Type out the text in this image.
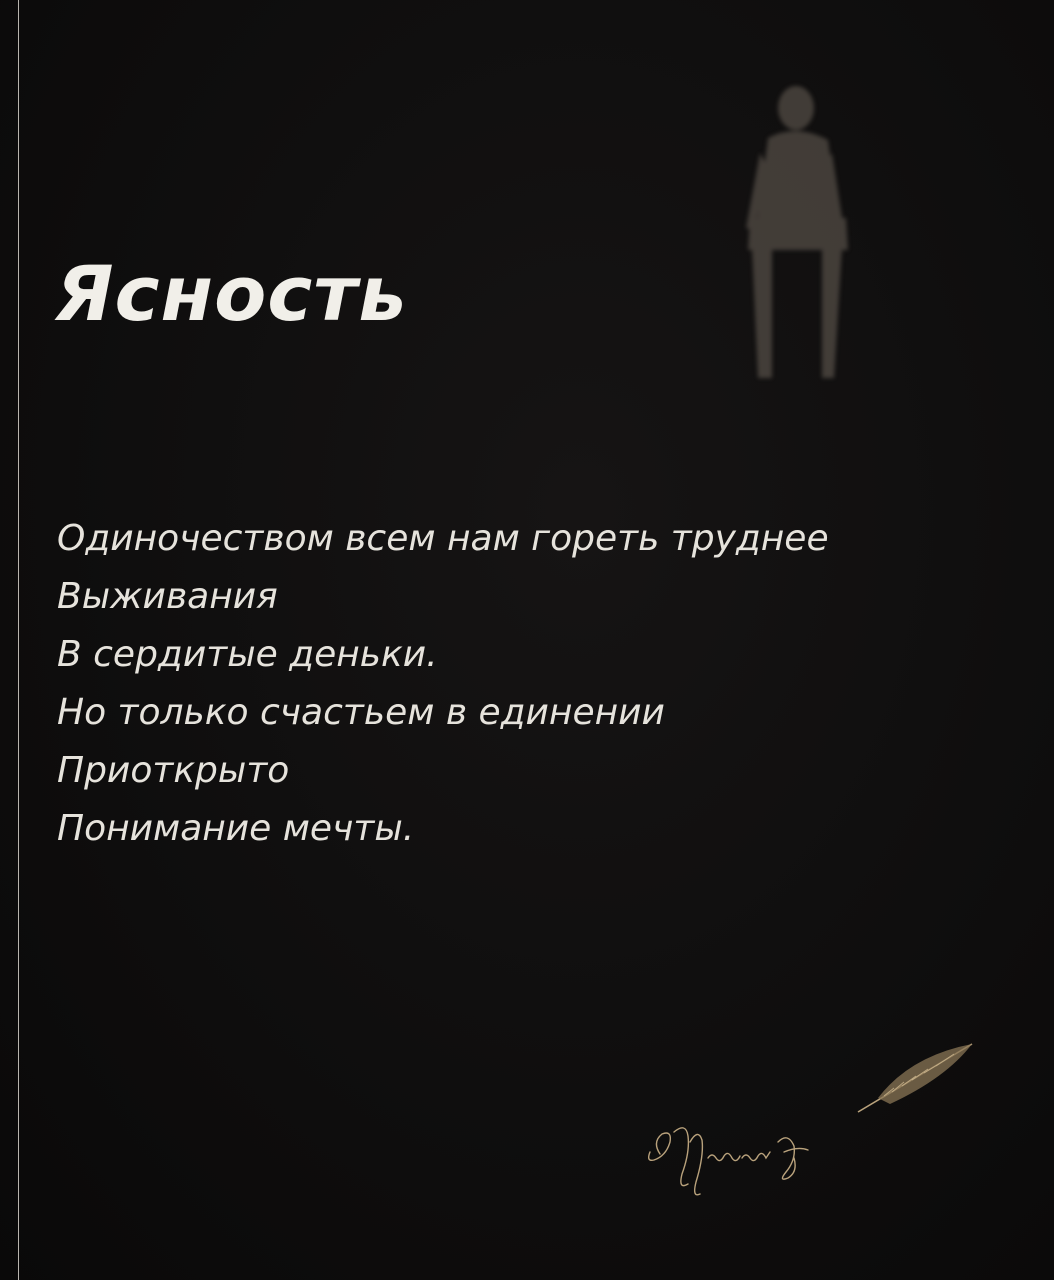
Ясность
Одиночеством всем нам гореть труднее
Выживания
В сердитые деньки.
Но только счастьем в единении
Приоткрыто
Понимание мечты.
